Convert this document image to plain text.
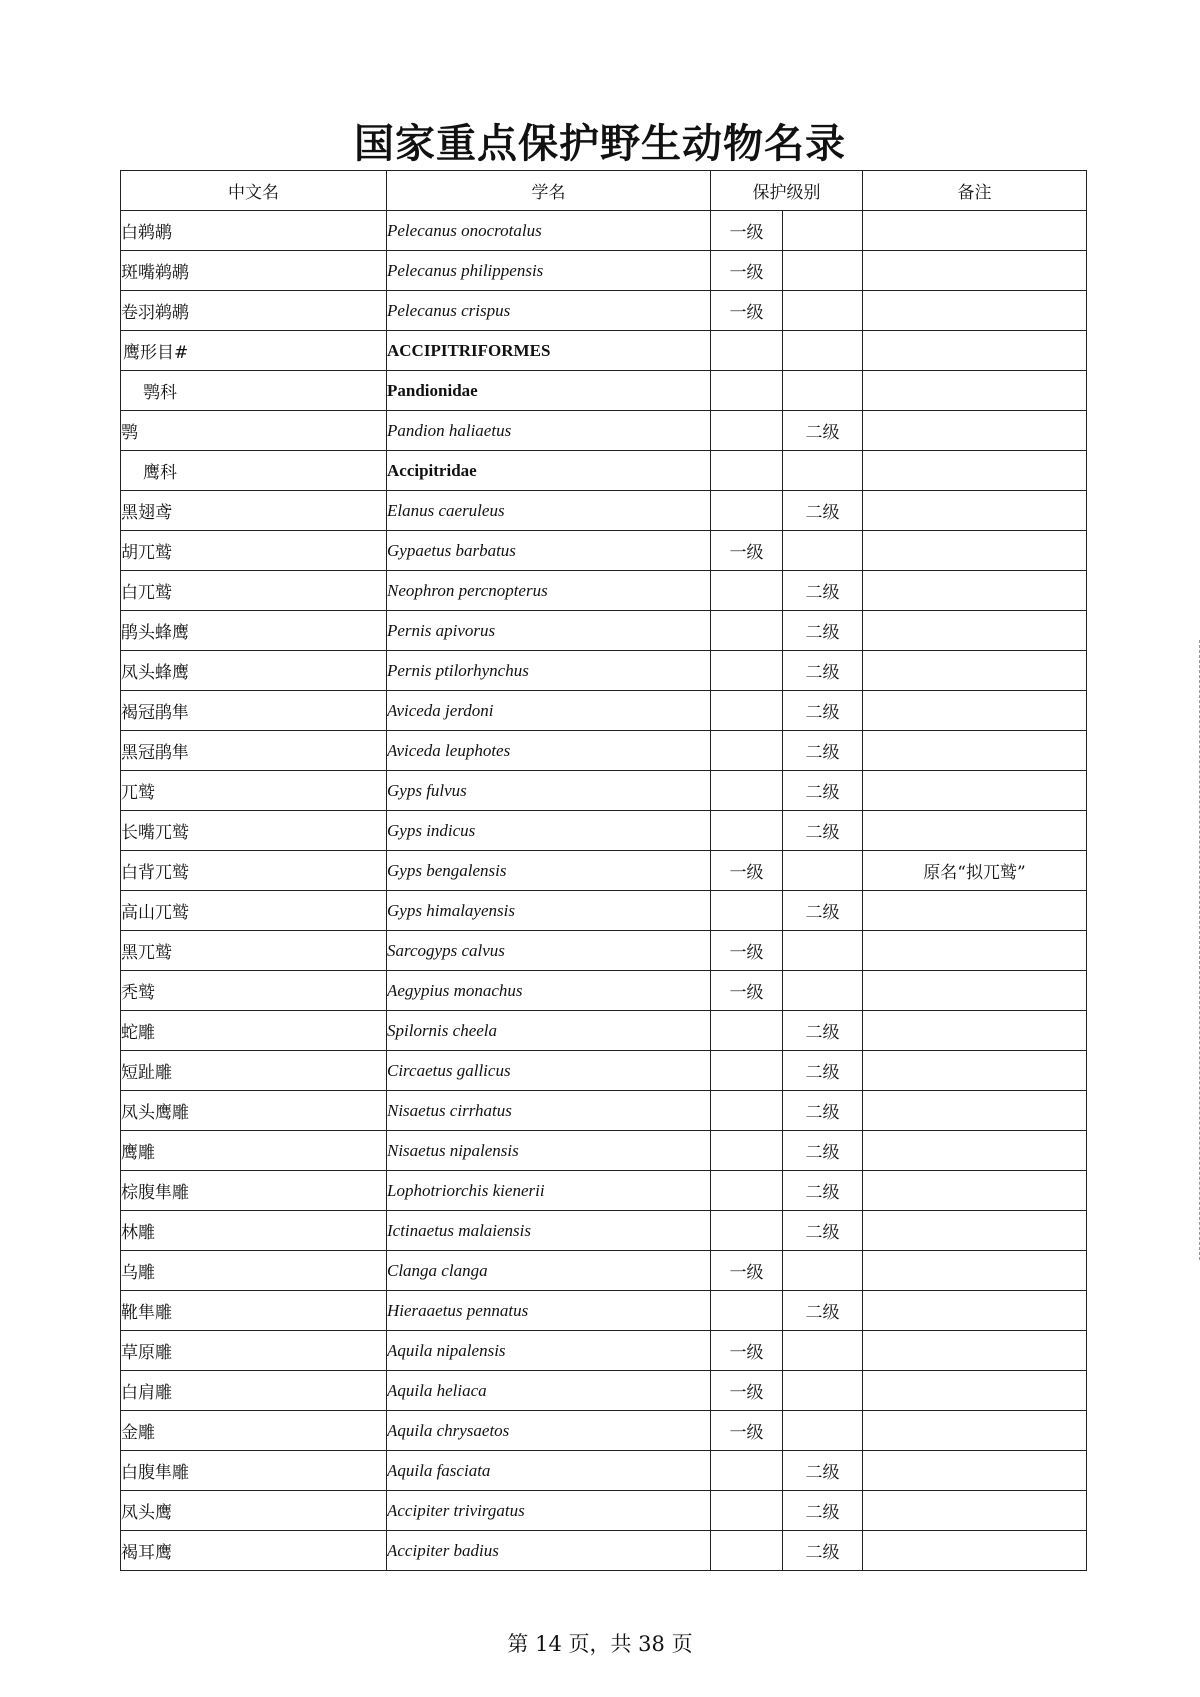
国家重点保护野生动物名录
中文名	学名	保护级别		备注
白鹈鹕	Pelecanus onocrotalus	一级		
斑嘴鹈鹕	Pelecanus philippensis	一级		
卷羽鹈鹕	Pelecanus crispus	一级		
鹰形目#	ACCIPITRIFORMES			
鹗科	Pandionidae			
鹗	Pandion haliaetus		二级	
鹰科	Accipitridae			
黑翅鸢	Elanus caeruleus		二级	
胡兀鹫	Gypaetus barbatus	一级		
白兀鹫	Neophron percnopterus		二级	
鹃头蜂鹰	Pernis apivorus		二级	
凤头蜂鹰	Pernis ptilorhynchus		二级	
褐冠鹃隼	Aviceda jerdoni		二级	
黑冠鹃隼	Aviceda leuphotes		二级	
兀鹫	Gyps fulvus		二级	
长嘴兀鹫	Gyps indicus		二级	
白背兀鹫	Gyps bengalensis	一级		原名“拟兀鹫”
高山兀鹫	Gyps himalayensis		二级	
黑兀鹫	Sarcogyps calvus	一级		
秃鹫	Aegypius monachus	一级		
蛇雕	Spilornis cheela		二级	
短趾雕	Circaetus gallicus		二级	
凤头鹰雕	Nisaetus cirrhatus		二级	
鹰雕	Nisaetus nipalensis		二级	
棕腹隼雕	Lophotriorchis kienerii		二级	
林雕	Ictinaetus malaiensis		二级	
乌雕	Clanga clanga	一级		
靴隼雕	Hieraaetus pennatus		二级	
草原雕	Aquila nipalensis	一级		
白肩雕	Aquila heliaca	一级		
金雕	Aquila chrysaetos	一级		
白腹隼雕	Aquila fasciata		二级	
凤头鹰	Accipiter trivirgatus		二级	
褐耳鹰	Accipiter badius		二级	
第 14 页，共 38 页
